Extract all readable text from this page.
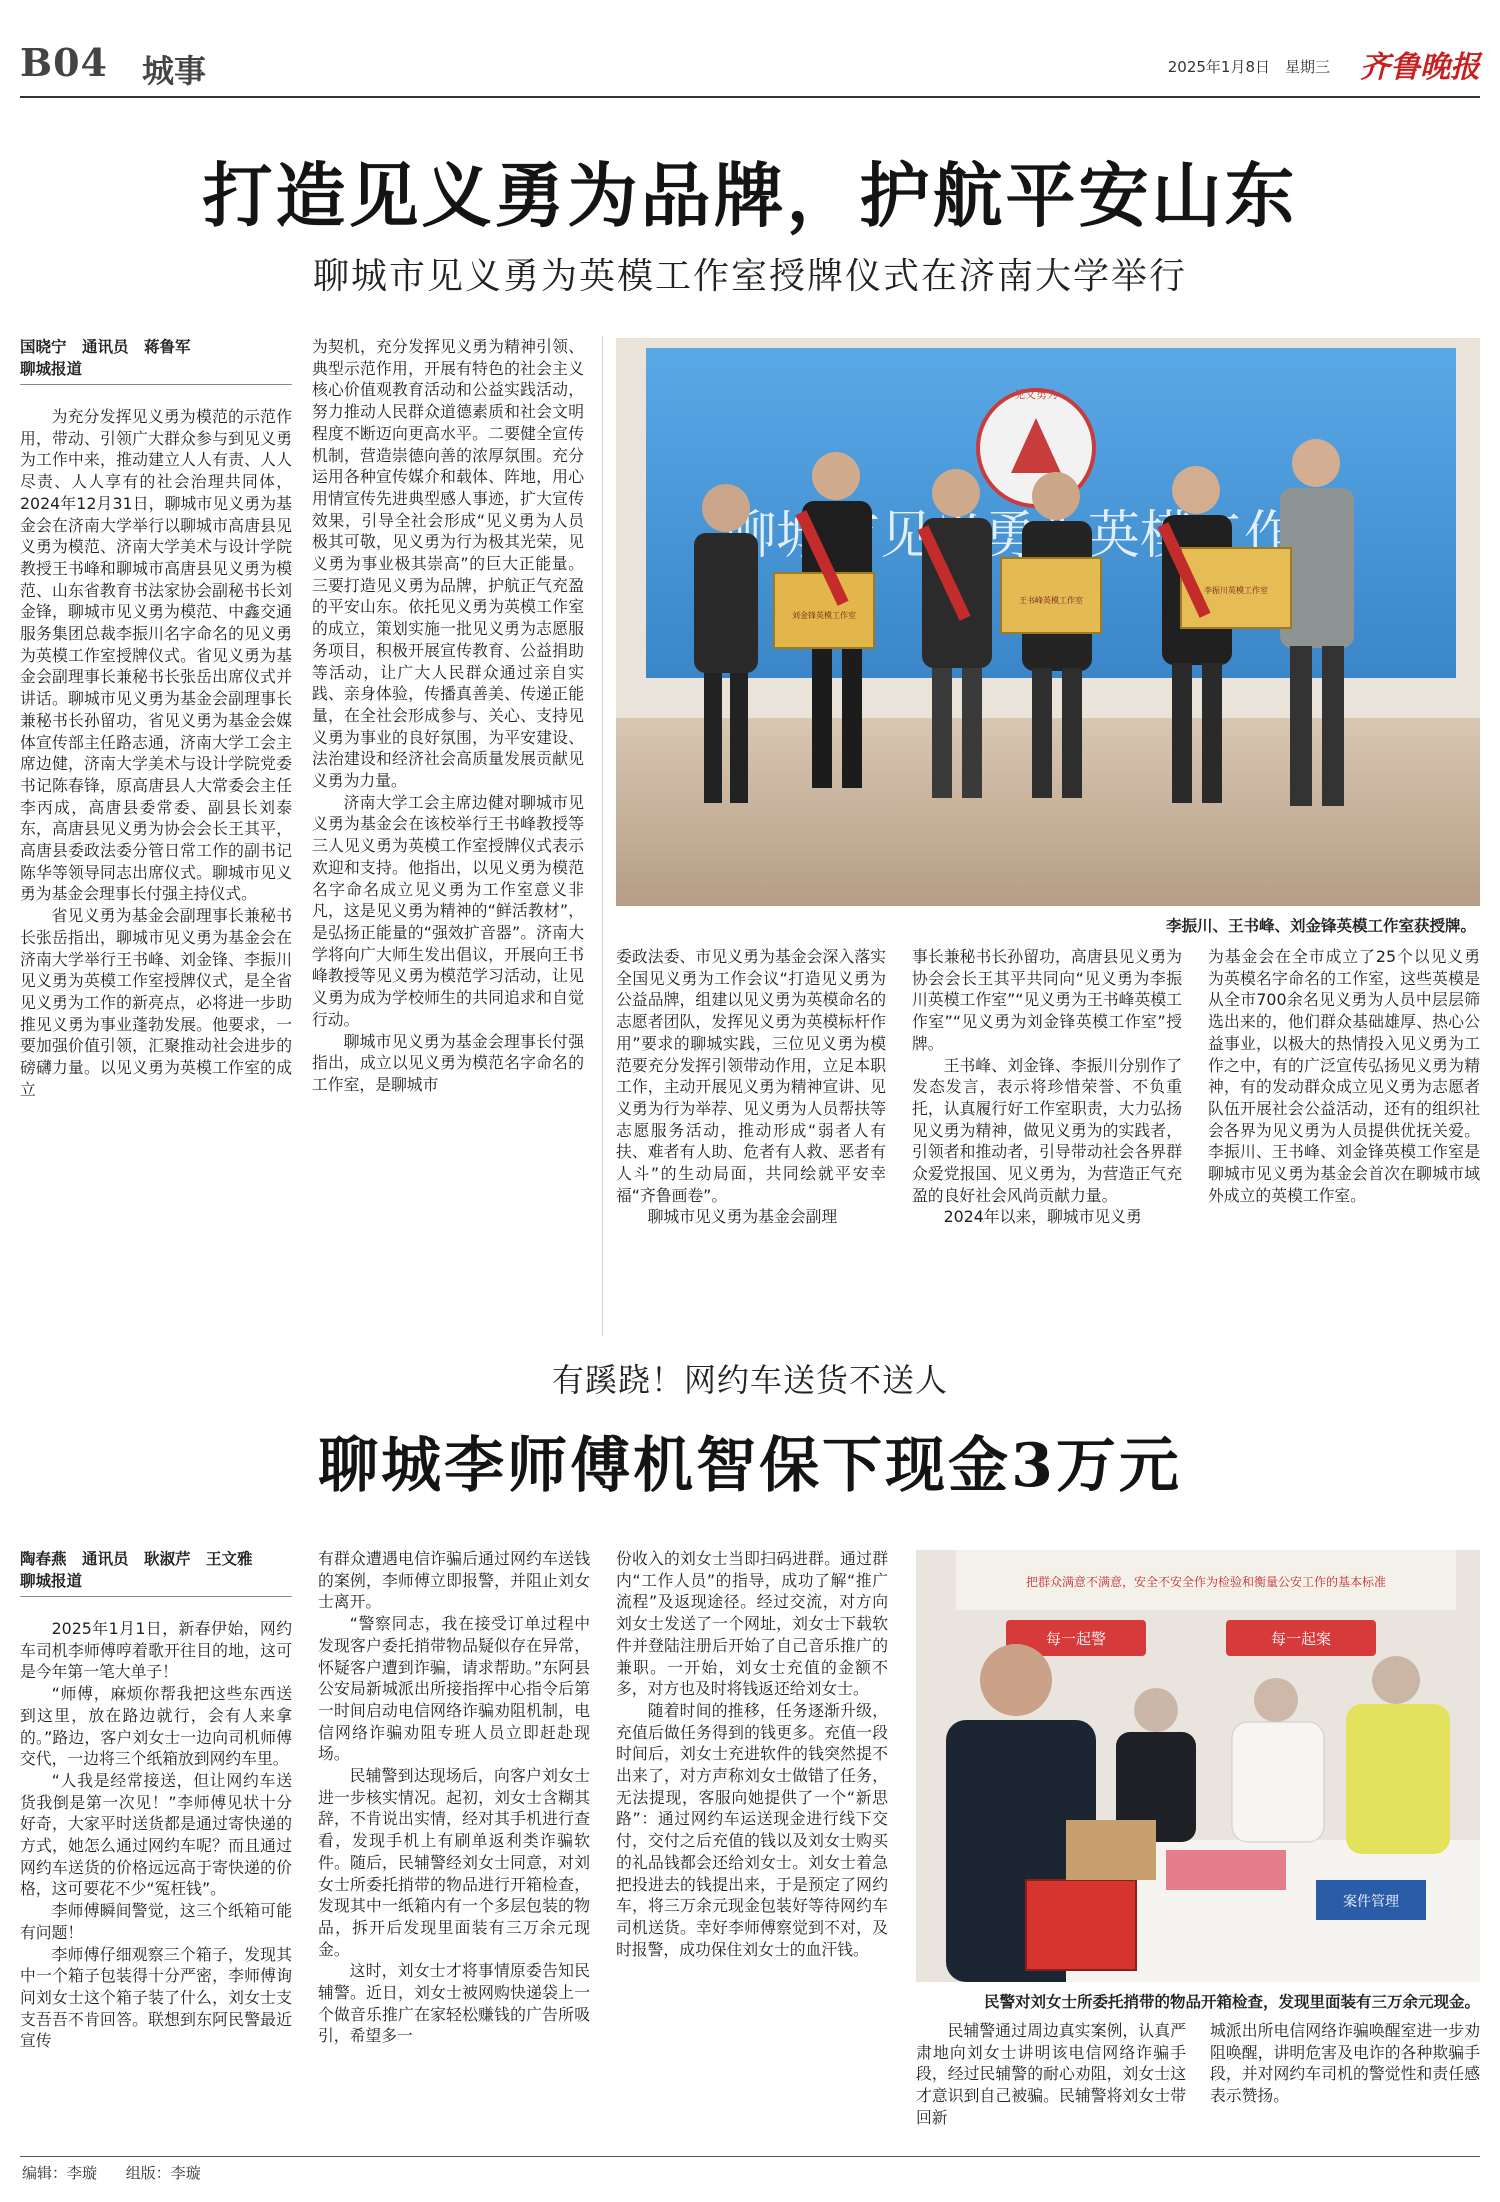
B04 城事	2025年1月8日 星期三 齐鲁晚报
打造见义勇为品牌，护航平安山东
聊城市见义勇为英模工作室授牌仪式在济南大学举行
国晓宁　通讯员　蒋鲁军
聊城报道

为充分发挥见义勇为模范的示范作用，带动、引领广大群众参与到见义勇为工作中来，推动建立人人有责、人人尽责、人人享有的社会治理共同体，2024年12月31日，聊城市见义勇为基金会在济南大学举行以聊城市高唐县见义勇为模范、济南大学美术与设计学院教授王书峰和聊城市高唐县见义勇为模范、山东省教育书法家协会副秘书长刘金锋，聊城市见义勇为模范、中鑫交通服务集团总裁李振川名字命名的见义勇为英模工作室授牌仪式。省见义勇为基金会副理事长兼秘书长张岳出席仪式并讲话。聊城市见义勇为基金会副理事长兼秘书长孙留功，省见义勇为基金会媒体宣传部主任路志通，济南大学工会主席边健，济南大学美术与设计学院党委书记陈春锋，原高唐县人大常委会主任李丙成，高唐县委常委、副县长刘泰东，高唐县见义勇为协会会长王其平，高唐县委政法委分管日常工作的副书记陈华等领导同志出席仪式。聊城市见义勇为基金会理事长付强主持仪式。

省见义勇为基金会副理事长兼秘书长张岳指出，聊城市见义勇为基金会在济南大学举行王书峰、刘金锋、李振川见义勇为英模工作室授牌仪式，是全省见义勇为工作的新亮点，必将进一步助推见义勇为事业蓬勃发展。他要求，一要加强价值引领，汇聚推动社会进步的磅礴力量。以见义勇为英模工作室的成立

为契机，充分发挥见义勇为精神引领、典型示范作用，开展有特色的社会主义核心价值观教育活动和公益实践活动，努力推动人民群众道德素质和社会文明程度不断迈向更高水平。二要健全宣传机制，营造崇德向善的浓厚氛围。充分运用各种宣传媒介和载体、阵地，用心用情宣传先进典型感人事迹，扩大宣传效果，引导全社会形成“见义勇为人员极其可敬，见义勇为行为极其光荣，见义勇为事业极其崇高”的巨大正能量。三要打造见义勇为品牌，护航正气充盈的平安山东。依托见义勇为英模工作室的成立，策划实施一批见义勇为志愿服务项目，积极开展宣传教育、公益捐助等活动，让广大人民群众通过亲自实践、亲身体验，传播真善美、传递正能量，在全社会形成参与、关心、支持见义勇为事业的良好氛围，为平安建设、法治建设和经济社会高质量发展贡献见义勇为力量。

济南大学工会主席边健对聊城市见义勇为基金会在该校举行王书峰教授等三人见义勇为英模工作室授牌仪式表示欢迎和支持。他指出，以见义勇为模范名字命名成立见义勇为工作室意义非凡，这是见义勇为精神的“鲜活教材”，是弘扬正能量的“强效扩音器”。济南大学将向广大师生发出倡议，开展向王书峰教授等见义勇为模范学习活动，让见义勇为成为学校师生的共同追求和自觉行动。

聊城市见义勇为基金会理事长付强指出，成立以见义勇为模范名字命名的工作室，是聊城市

见义勇为
刘金锋英模工作室
王书峰英模工作室
李振川英模工作室
李振川、王书峰、刘金锋英模工作室获授牌。

委政法委、市见义勇为基金会深入落实全国见义勇为工作会议“打造见义勇为公益品牌，组建以见义勇为英模命名的志愿者团队，发挥见义勇为英模标杆作用”要求的聊城实践，三位见义勇为模范要充分发挥引领带动作用，立足本职工作，主动开展见义勇为精神宣讲、见义勇为行为举荐、见义勇为人员帮扶等志愿服务活动，推动形成“弱者人有扶、难者有人助、危者有人救、恶者有人斗”的生动局面，共同绘就平安幸福“齐鲁画卷”。

聊城市见义勇为基金会副理

事长兼秘书长孙留功，高唐县见义勇为协会会长王其平共同向“见义勇为李振川英模工作室”“见义勇为王书峰英模工作室”“见义勇为刘金锋英模工作室”授牌。

王书峰、刘金锋、李振川分别作了发态发言，表示将珍惜荣誉、不负重托，认真履行好工作室职责，大力弘扬见义勇为精神，做见义勇为的实践者，引领者和推动者，引导带动社会各界群众爱党报国、见义勇为，为营造正气充盈的良好社会风尚贡献力量。

2024年以来，聊城市见义勇

为基金会在全市成立了25个以见义勇为英模名字命名的工作室，这些英模是从全市700余名见义勇为人员中层层筛选出来的，他们群众基础雄厚、热心公益事业，以极大的热情投入见义勇为工作之中，有的广泛宣传弘扬见义勇为精神，有的发动群众成立见义勇为志愿者队伍开展社会公益活动，还有的组织社会各界为见义勇为人员提供优抚关爱。李振川、王书峰、刘金锋英模工作室是聊城市见义勇为基金会首次在聊城市域外成立的英模工作室。

有蹊跷！网约车送货不送人
聊城李师傅机智保下现金3万元
陶春燕　通讯员　耿淑芹　王文雅
聊城报道

2025年1月1日，新春伊始，网约车司机李师傅哼着歌开往目的地，这可是今年第一笔大单子！

“师傅，麻烦你帮我把这些东西送到这里，放在路边就行，会有人来拿的。”路边，客户刘女士一边向司机师傅交代，一边将三个纸箱放到网约车里。

“人我是经常接送，但让网约车送货我倒是第一次见！”李师傅见状十分好奇，大家平时送货都是通过寄快递的方式，她怎么通过网约车呢？而且通过网约车送货的价格远远高于寄快递的价格，这可要花不少“冤枉钱”。

李师傅瞬间警觉，这三个纸箱可能有问题！

李师傅仔细观察三个箱子，发现其中一个箱子包装得十分严密，李师傅询问刘女士这个箱子装了什么，刘女士支支吾吾不肯回答。联想到东阿民警最近宣传

有群众遭遇电信诈骗后通过网约车送钱的案例，李师傅立即报警，并阻止刘女士离开。

“警察同志，我在接受订单过程中发现客户委托捎带物品疑似存在异常，怀疑客户遭到诈骗，请求帮助。”东阿县公安局新城派出所接指挥中心指令后第一时间启动电信网络诈骗劝阻机制，电信网络诈骗劝阻专班人员立即赶赴现场。

民辅警到达现场后，向客户刘女士进一步核实情况。起初，刘女士含糊其辞，不肯说出实情，经对其手机进行查看，发现手机上有刷单返利类诈骗软件。随后，民辅警经刘女士同意，对刘女士所委托捎带的物品进行开箱检查，发现其中一纸箱内有一个多层包装的物品，拆开后发现里面装有三万余元现金。

这时，刘女士才将事情原委告知民辅警。近日，刘女士被网购快递袋上一个做音乐推广在家轻松赚钱的广告所吸引，希望多一

份收入的刘女士当即扫码进群。通过群内“工作人员”的指导，成功了解“推广流程”及返现途径。经过交流，对方向刘女士发送了一个网址，刘女士下载软件并登陆注册后开始了自己音乐推广的兼职。一开始，刘女士充值的金额不多，对方也及时将钱返还给刘女士。

随着时间的推移，任务逐渐升级，充值后做任务得到的钱更多。充值一段时间后，刘女士充进软件的钱突然提不出来了，对方声称刘女士做错了任务，无法提现，客服向她提供了一个“新思路”：通过网约车运送现金进行线下交付，交付之后充值的钱以及刘女士购买的礼品钱都会还给刘女士。刘女士着急把投进去的钱提出来，于是预定了网约车，将三万余元现金包装好等待网约车司机送货。幸好李师傅察觉到不对，及时报警，成功保住刘女士的血汗钱。

把群众满意不满意，安全不安全作为检验和衡量公安工作的基本标准
每一起警	每一起案
案件管理
民警对刘女士所委托捎带的物品开箱检查，发现里面装有三万余元现金。

民辅警通过周边真实案例，认真严肃地向刘女士讲明该电信网络诈骗手段，经过民辅警的耐心劝阻，刘女士这才意识到自己被骗。民辅警将刘女士带回新

城派出所电信网络诈骗唤醒室进一步劝阻唤醒，讲明危害及电诈的各种欺骗手段，并对网约车司机的警觉性和责任感表示赞扬。

编辑：李璇 组版：李璇
